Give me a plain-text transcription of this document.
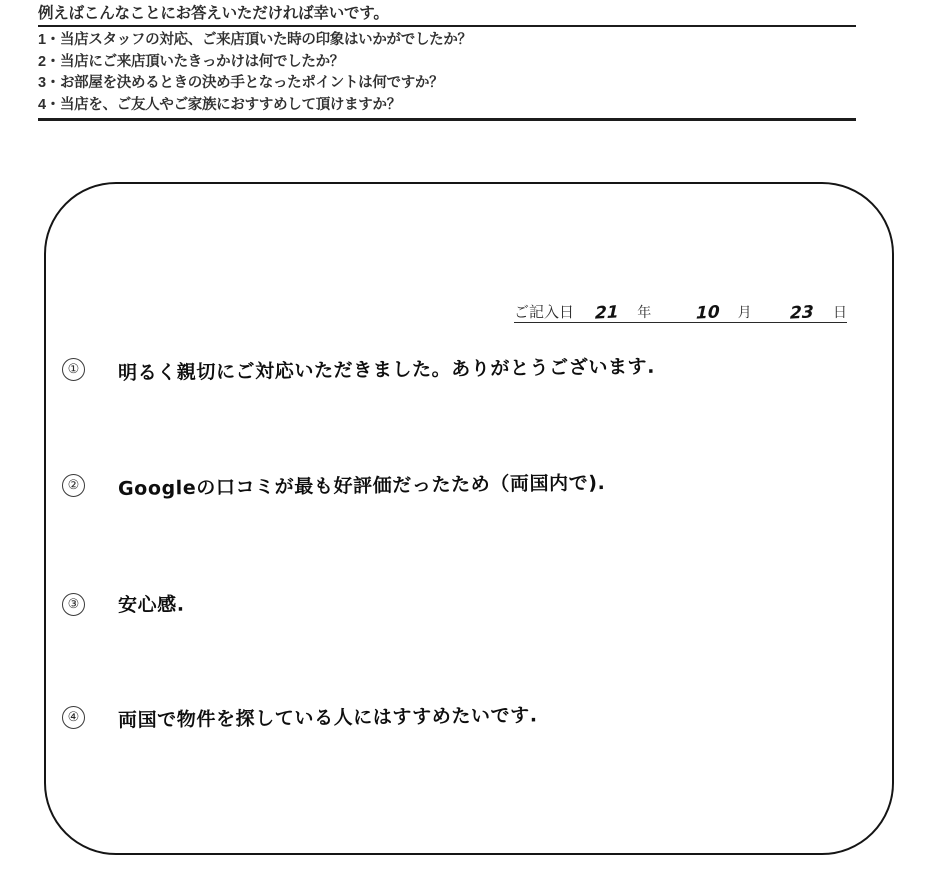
例えばこんなことにお答えいただければ幸いです。
1・当店スタッフの対応、ご来店頂いた時の印象はいかがでしたか？
2・当店にご来店頂いたきっかけは何でしたか？
3・お部屋を決めるときの決め手となったポイントは何ですか？
4・当店を、ご友人やご家族におすすめして頂けますか？
ご記入日 21 年	10 月 23 日
① 明るく親切にご対応いただきました。ありがとうございます.
② Googleの口コミが最も好評価だったため（両国内で).
③ 安心感.
④ 両国で物件を探している人にはすすめたいです.
